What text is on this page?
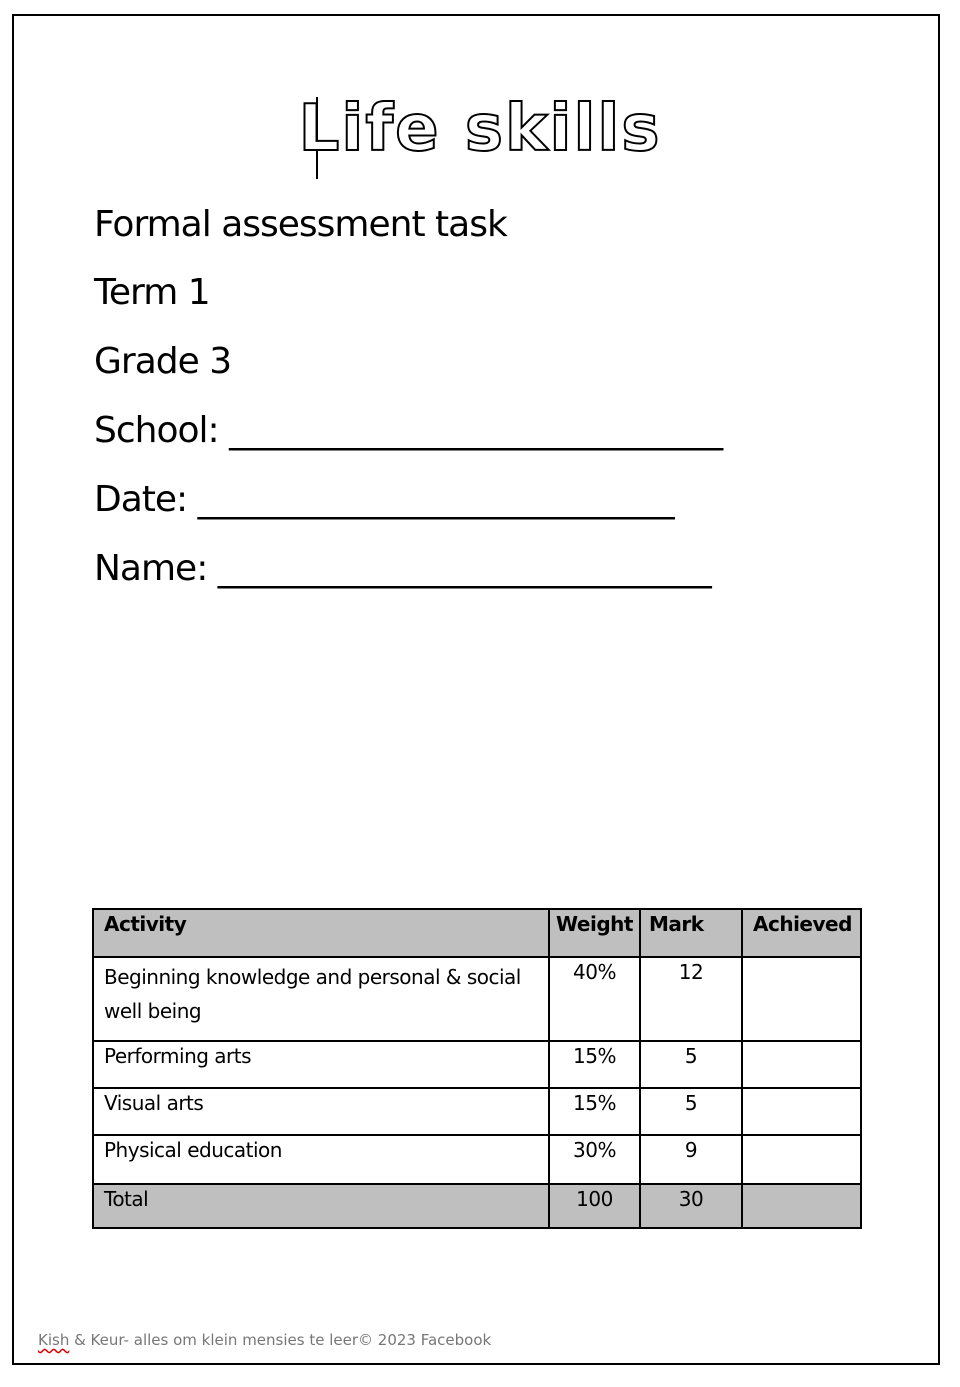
Life skills
Formal assessment task
Term 1
Grade 3
School: _____________________________
Date: ____________________________
Name: _____________________________
Activity	Weight	Mark	Achieved
Beginning knowledge and personal & social well being	40%	12	
Performing arts	15%	5	
Visual arts	15%	5	
Physical education	30%	9	
Total	100	30	
Kish & Keur- alles om klein mensies te leer© 2023 Facebook
